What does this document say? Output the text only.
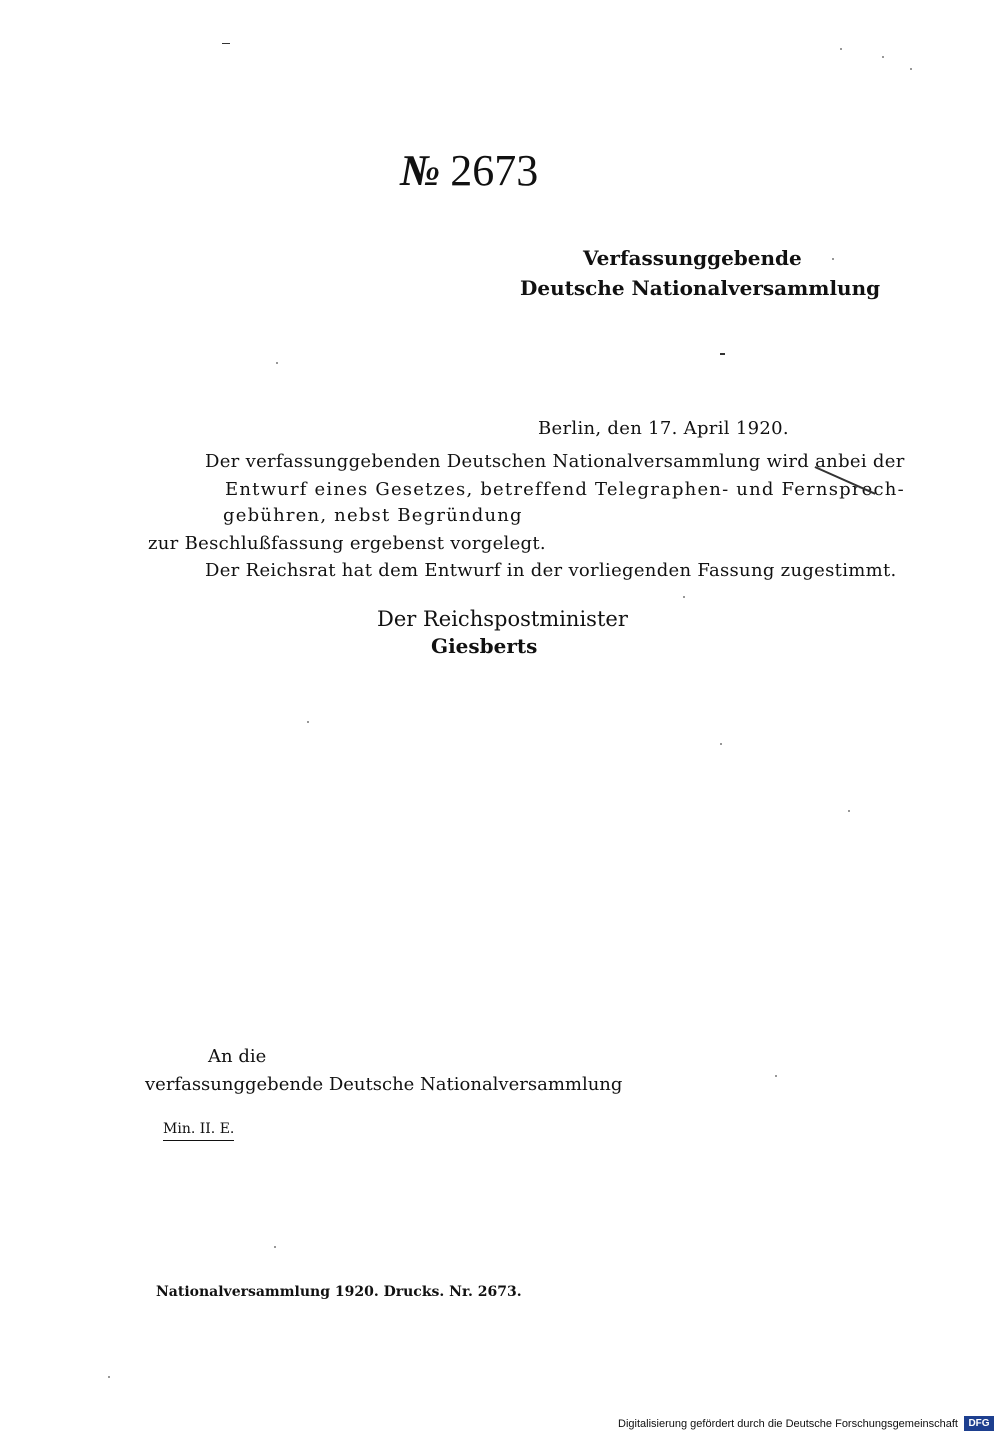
№ 2673
Verfassunggebende
Deutsche Nationalversammlung
Berlin, den 17. April 1920.
Der verfassunggebenden Deutschen Nationalversammlung wird anbei der
Entwurf eines Gesetzes, betreffend Telegraphen- und Fernsprech-
gebühren, nebst Begründung
zur Beschlußfassung ergebenst vorgelegt.
Der Reichsrat hat dem Entwurf in der vorliegenden Fassung zugestimmt.
Der Reichspostminister
Giesberts
An die
verfassunggebende Deutsche Nationalversammlung
Min. II. E.
Nationalversammlung 1920. Drucks. Nr. 2673.
Digitalisierung gefördert durch die Deutsche Forschungsgemeinschaft	DFG
